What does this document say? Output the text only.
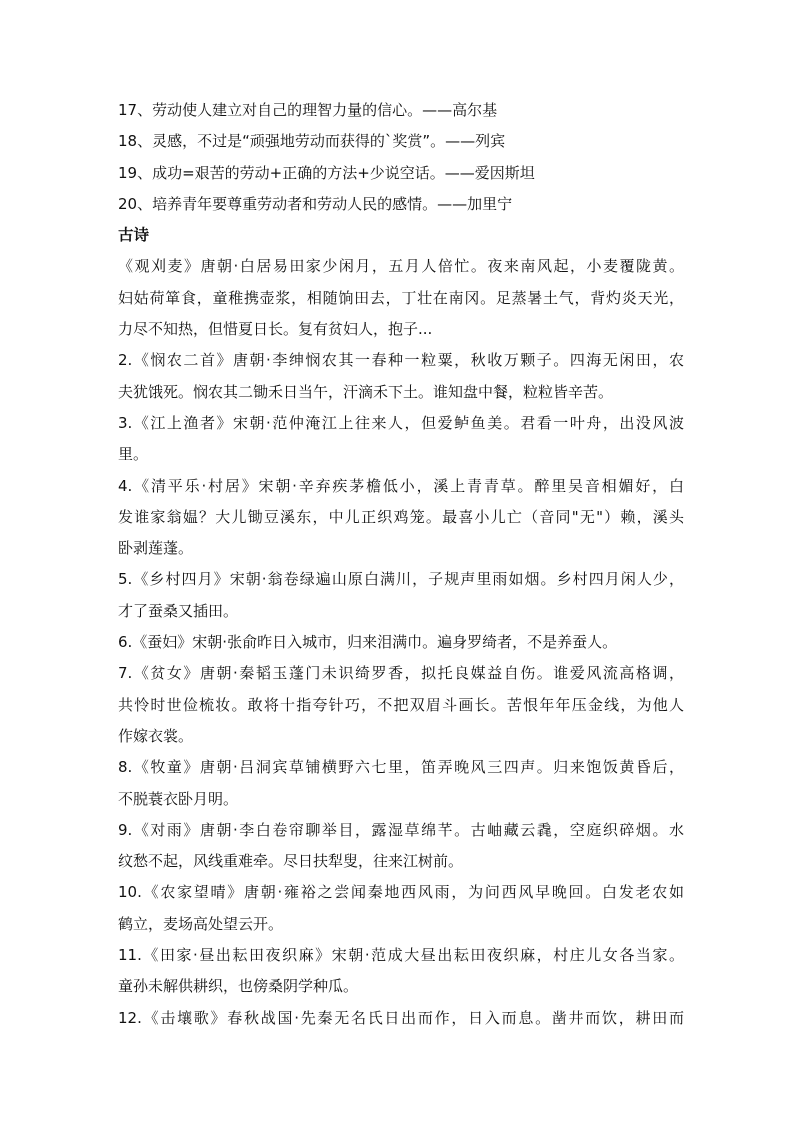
17、劳动使人建立对自己的理智力量的信心。——高尔基
18、灵感，不过是“顽强地劳动而获得的`奖赏”。——列宾
19、成功=艰苦的劳动+正确的方法+少说空话。——爱因斯坦
20、培养青年要尊重劳动者和劳动人民的感情。——加里宁
古诗
《观刈麦》唐朝·白居易田家少闲月，五月人倍忙。夜来南风起，小麦覆陇黄。
妇姑荷箪食，童稚携壶浆，相随饷田去，丁壮在南冈。足蒸暑土气，背灼炎天光，
力尽不知热，但惜夏日长。复有贫妇人，抱子...
2.《悯农二首》唐朝·李绅悯农其一春种一粒粟，秋收万颗子。四海无闲田，农
夫犹饿死。悯农其二锄禾日当午，汗滴禾下土。谁知盘中餐，粒粒皆辛苦。
3.《江上渔者》宋朝·范仲淹江上往来人，但爱鲈鱼美。君看一叶舟，出没风波
里。
4.《清平乐·村居》宋朝·辛弃疾茅檐低小，溪上青青草。醉里吴音相媚好，白
发谁家翁媪？大儿锄豆溪东，中儿正织鸡笼。最喜小儿亡（音同"无"）赖，溪头
卧剥莲蓬。
5.《乡村四月》宋朝·翁卷绿遍山原白满川，子规声里雨如烟。乡村四月闲人少，
才了蚕桑又插田。
6.《蚕妇》宋朝·张俞昨日入城市，归来泪满巾。遍身罗绮者，不是养蚕人。
7.《贫女》唐朝·秦韬玉蓬门未识绮罗香，拟托良媒益自伤。谁爱风流高格调，
共怜时世俭梳妆。敢将十指夸针巧，不把双眉斗画长。苦恨年年压金线，为他人
作嫁衣裳。
8.《牧童》唐朝·吕洞宾草铺横野六七里，笛弄晚风三四声。归来饱饭黄昏后，
不脱蓑衣卧月明。
9.《对雨》唐朝·李白卷帘聊举目，露湿草绵芊。古岫藏云毳，空庭织碎烟。水
纹愁不起，风线重难牵。尽日扶犁叟，往来江树前。
10.《农家望晴》唐朝·雍裕之尝闻秦地西风雨，为问西风早晚回。白发老农如
鹤立，麦场高处望云开。
11.《田家·昼出耘田夜织麻》宋朝·范成大昼出耘田夜织麻，村庄儿女各当家。
童孙未解供耕织，也傍桑阴学种瓜。
12.《击壤歌》春秋战国·先秦无名氏日出而作，日入而息。凿井而饮，耕田而
